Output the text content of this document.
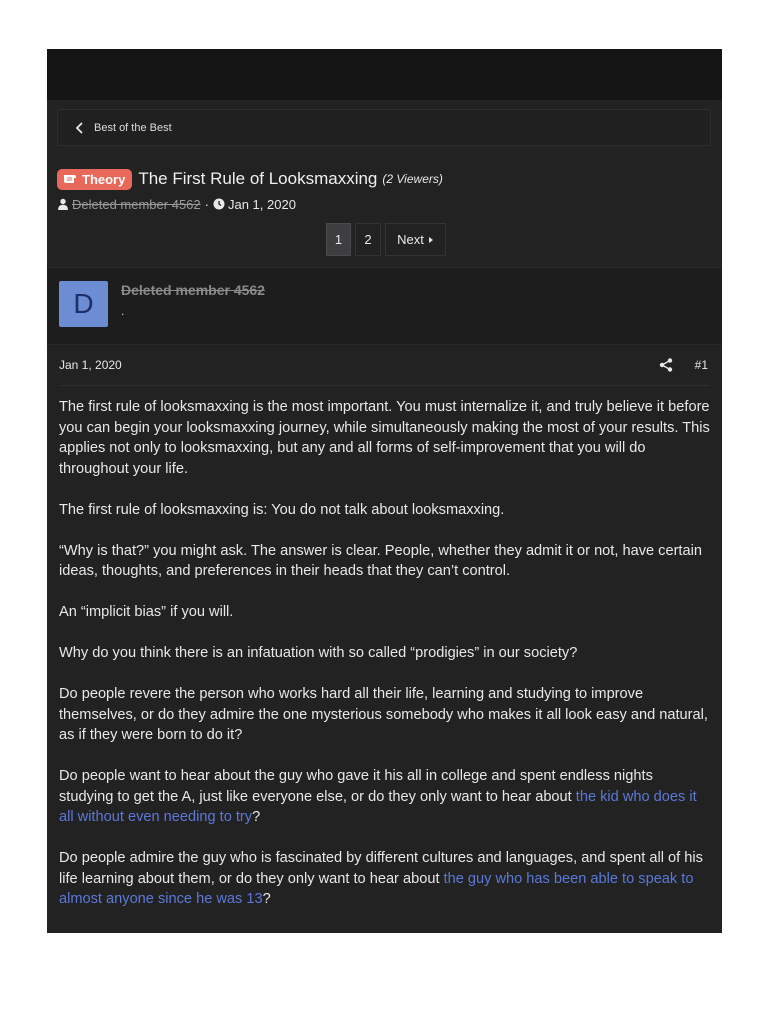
Best of the Best
Theory The First Rule of Looksmaxxing (2 Viewers)
Deleted member 4562 · Jan 1, 2020
1	2	Next
D	Deleted member 4562
.
Jan 1, 2020	#1

The first rule of looksmaxxing is the most important. You must internalize it, and truly believe it before you can begin your looksmaxxing journey, while simultaneously making the most of your results. This applies not only to looksmaxxing, but any and all forms of self-improvement that you will do throughout your life.

The first rule of looksmaxxing is: You do not talk about looksmaxxing.

“Why is that?” you might ask. The answer is clear. People, whether they admit it or not, have certain ideas, thoughts, and preferences in their heads that they can’t control.

An “implicit bias” if you will.

Why do you think there is an infatuation with so called “prodigies” in our society?

Do people revere the person who works hard all their life, learning and studying to improve themselves, or do they admire the one mysterious somebody who makes it all look easy and natural, as if they were born to do it?

Do people want to hear about the guy who gave it his all in college and spent endless nights studying to get the A, just like everyone else, or do they only want to hear about the kid who does it all without even needing to try?

Do people admire the guy who is fascinated by different cultures and languages, and spent all of his life learning about them, or do they only want to hear about the guy who has been able to speak to almost anyone since he was 13?
